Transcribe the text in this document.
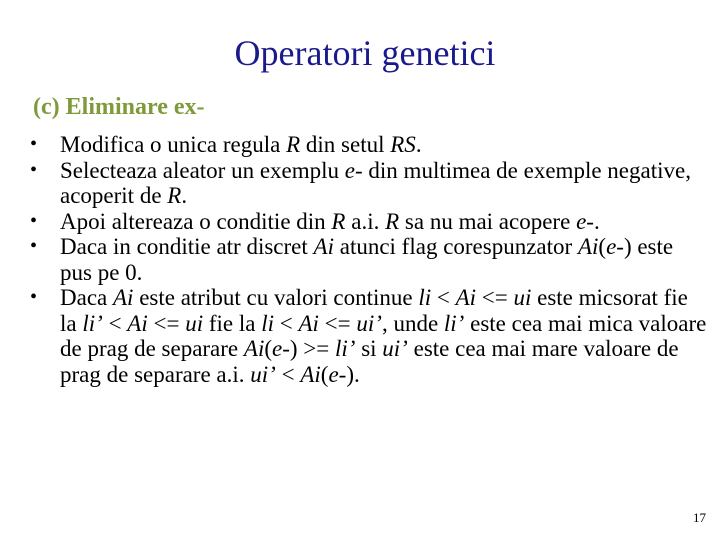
Operatori genetici
(c) Eliminare ex-
• Modifica o unica regula R din setul RS.
• Selecteaza aleator un exemplu e- din multimea de exemple negative, acoperit de R.
• Apoi altereaza o conditie din R a.i. R sa nu mai acopere e-.
• Daca in conditie atr discret Ai atunci flag corespunzator Ai(e-) este pus pe 0.
• Daca Ai este atribut cu valori continue li < Ai <= ui este micsorat fie la li’ < Ai <= ui fie la li < Ai <= ui’, unde li’ este cea mai mica valoare de prag de separare Ai(e-) >= li’ si ui’ este cea mai mare valoare de prag de separare a.i. ui’ < Ai(e-).
17
